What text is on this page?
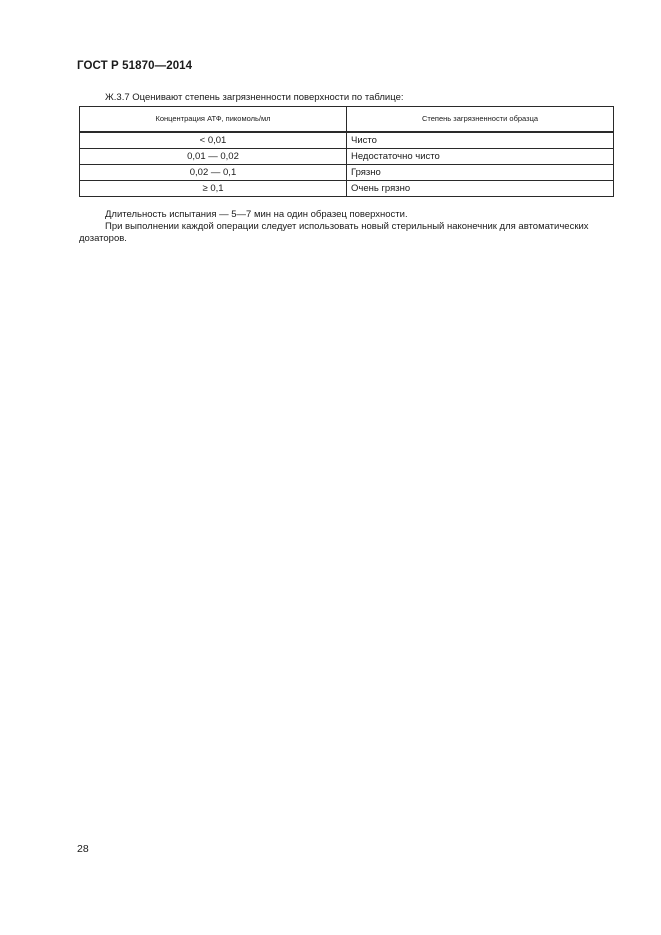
ГОСТ Р 51870—2014
Ж.3.7 Оценивают степень загрязненности поверхности по таблице:
Концентрация АТФ, пикомоль/мл	Степень загрязненности образца
< 0,01	Чисто
0,01 — 0,02	Недостаточно чисто
0,02 — 0,1	Грязно
≥ 0,1	Очень грязно

Длительность испытания — 5—7 мин на один образец поверхности.

При выполнении каждой операции следует использовать новый стерильный наконечник для автоматических дозаторов.

28
